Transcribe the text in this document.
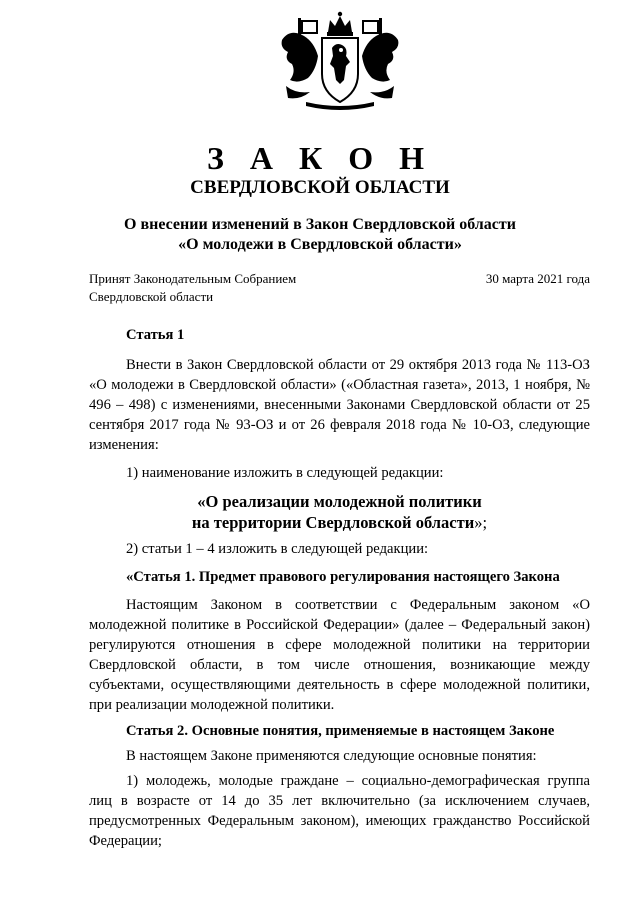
З А К О Н
СВЕРДЛОВСКОЙ ОБЛАСТИ
О внесении изменений в Закон Свердловской области
«О молодежи в Свердловской области»
Принят Законодательным Собранием
Свердловской области
30 марта 2021 года

Статья 1

Внести в Закон Свердловской области от 29 октября 2013 года № 113-ОЗ «О молодежи в Свердловской области» («Областная газета», 2013, 1 ноября, № 496 – 498) с изменениями, внесенными Законами Свердловской области от 25 сентября 2017 года № 93-ОЗ и от 26 февраля 2018 года № 10-ОЗ, следующие изменения:

1) наименование изложить в следующей редакции:

«О реализации молодежной политики
на территории Свердловской области»;

2) статьи 1 – 4 изложить в следующей редакции:

«Статья 1. Предмет правового регулирования настоящего Закона

Настоящим Законом в соответствии с Федеральным законом «О молодежной политике в Российской Федерации» (далее – Федеральный закон) регулируются отношения в сфере молодежной политики на территории Свердловской области, в том числе отношения, возникающие между субъектами, осуществляющими деятельность в сфере молодежной политики, при реализации молодежной политики.

Статья 2. Основные понятия, применяемые в настоящем Законе

В настоящем Законе применяются следующие основные понятия:

1) молодежь, молодые граждане – социально-демографическая группа лиц в возрасте от 14 до 35 лет включительно (за исключением случаев, предусмотренных Федеральным законом), имеющих гражданство Российской Федерации;
